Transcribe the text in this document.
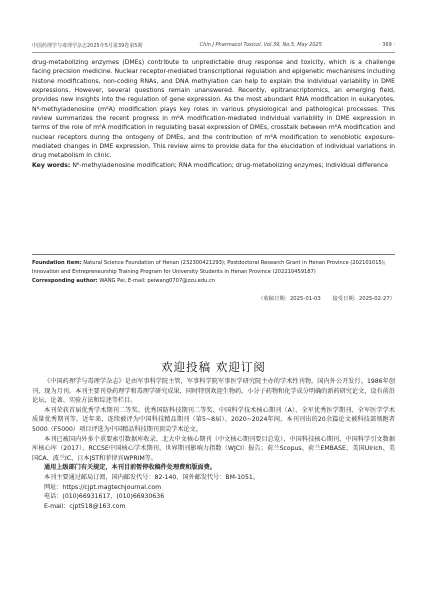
中国药理学与毒理学杂志2025年5月第39卷第5期	Chin J Pharmacol Toxicol, Vol.39, No.5, May 2025	· 369 ·

drug-metabolizing enzymes (DMEs) contribute to unpredictable drug response and toxicity, which is a challenge facing precision medicine. Nuclear receptor-mediated transcriptional regulation and epigenetic mechanisms including histone modifications, non-coding RNAs, and DNA methylation can help to explain the individual variability in DME expressions. However, several questions remain unanswered. Recently, epitranscriptomics, an emerging field, provides new insights into the regulation of gene expression. As the most abundant RNA modification in eukaryotes, N⁶-methyladenosine (m⁶A) modification plays key roles in various physiological and pathological processes. This review summarizes the recent progress in m⁶A modification-mediated individual variability in DME expression in terms of the role of m⁶A modification in regulating basal expression of DMEs, crosstalk between m⁶A modification and nuclear receptors during the ontogeny of DMEs, and the contribution of m⁶A modification to xenobiotic exposure-mediated changes in DME expression. This review aims to provide data for the elucidation of individual variations in drug metabolism in clinic.

Key words: N⁶-methyladenosine modification; RNA modification; drug-metabolizing enzymes; individual difference

Foundation item: Natural Science Foundation of Henan (232300421293); Postdoctoral Research Grant in Henan Province (202101015); Innovation and Entrepreneurship Training Program for University Students in Henan Province (202210459187)

Corresponding author: WANG Pei, E-mail: peiwang0707@zzu.edu.cn

（收稿日期：2025-01-03 接受日期：2025-02-27）
欢迎投稿 欢迎订阅

《中国药理学与毒理学杂志》是由军事科学院主管，军事科学院军事医学研究院主办的学术性刊物，国内外公开发行。1986年创刊，现为月刊。本刊主要刊登药理学和毒理学研究成果，同时特别欢迎生物药、小分子药物和化学成分明确的新药研究论文，设有前沿论坛、论著、实验方法和综述等栏目。

本刊荣获首届优秀学术期刊二等奖、优秀国防科技期刊二等奖、中国科学技术核心期刊（A）、全军优秀医学期刊、全军医学学术质量优秀期刊等。近年来，连续被评为中国科技精品期刊（第5~8届）。2020~2024年间，本刊刊出的20余篇论文被科技部领跑者5000（F5000）项目评选为中国精品科技期刊顶尖学术论文。

本刊已被国内外多个重要索引数据库收录，北大中文核心期刊（中文核心期刊要目总览）、中国科技核心期刊、中国科学引文数据库核心库（2017）、RCCSE中国核心学术期刊、世界期刊影响力指数（WJCI）报告；荷兰Scopus、荷兰EMBASE、美国Ulrich、美国CA、波兰IC、日本JST和菲律宾WPRIM等。

通用上级部门有关规定，本刊目前暂停收稿件处理费和版面费。

本刊主要通过邮局订阅，国内邮发代号：82-140，国外邮发代号：BM-1051。

网址：https://cjpt.magtechjournal.com

电话：(010)66931617，(010)66930636

E-mail：cjpt518@163.com
